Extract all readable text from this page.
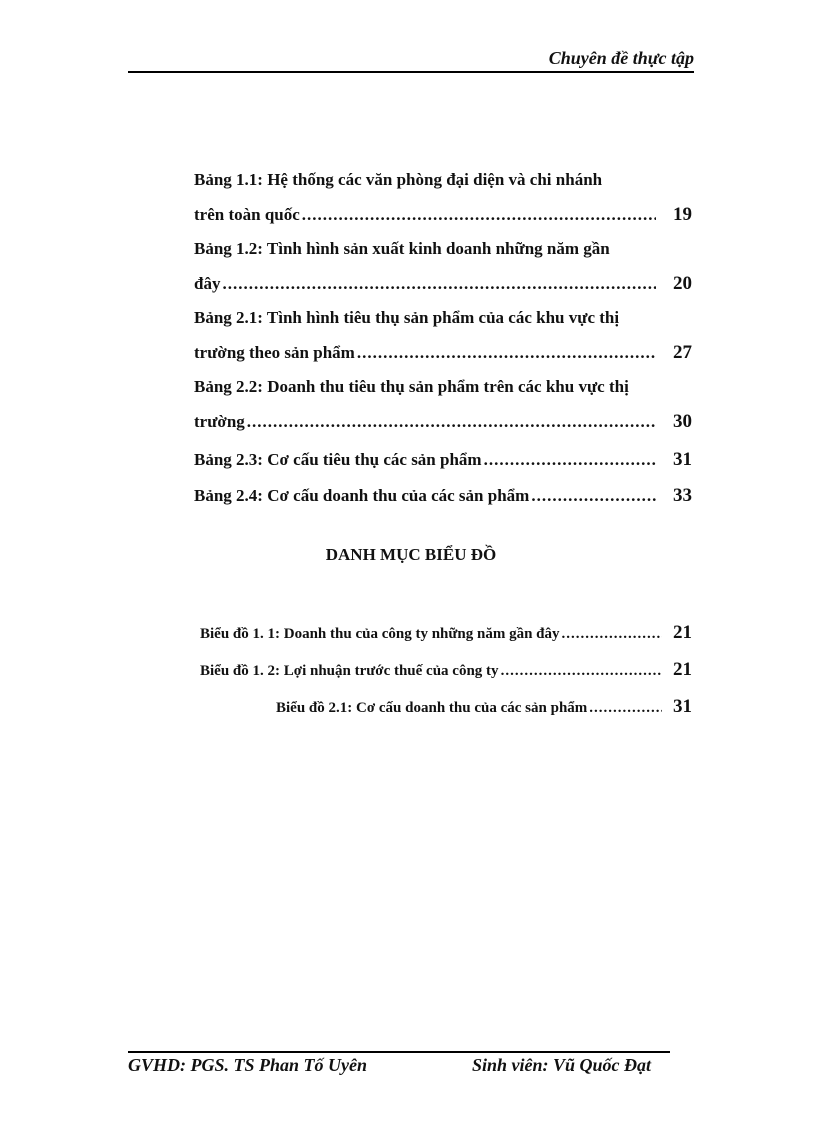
Chuyên đề thực tập
Bảng 1.1: Hệ thống các văn phòng đại diện và chi nhánh
trên toàn quốc .....	19
Bảng 1.2: Tình hình sản xuất kinh doanh những năm gần
đây .....	20
Bảng 2.1: Tình hình tiêu thụ sản phẩm của các khu vực thị
trường theo sản phẩm .....	27
Bảng 2.2: Doanh thu tiêu thụ sản phẩm trên các khu vực thị
trường .....	30
Bảng 2.3: Cơ cấu tiêu thụ các sản phẩm .....	31
Bảng 2.4: Cơ cấu doanh thu của các sản phẩm .....	33
DANH MỤC BIỂU ĐỒ
Biểu đồ 1. 1: Doanh thu của công ty những năm gần đây .....	21
Biểu đồ 1. 2: Lợi nhuận trước thuế của công ty .....	21
Biểu đồ 2.1: Cơ cấu doanh thu của các sản phẩm .....	31
GVHD: PGS. TS Phan Tố Uyên	Sinh viên: Vũ Quốc Đạt
